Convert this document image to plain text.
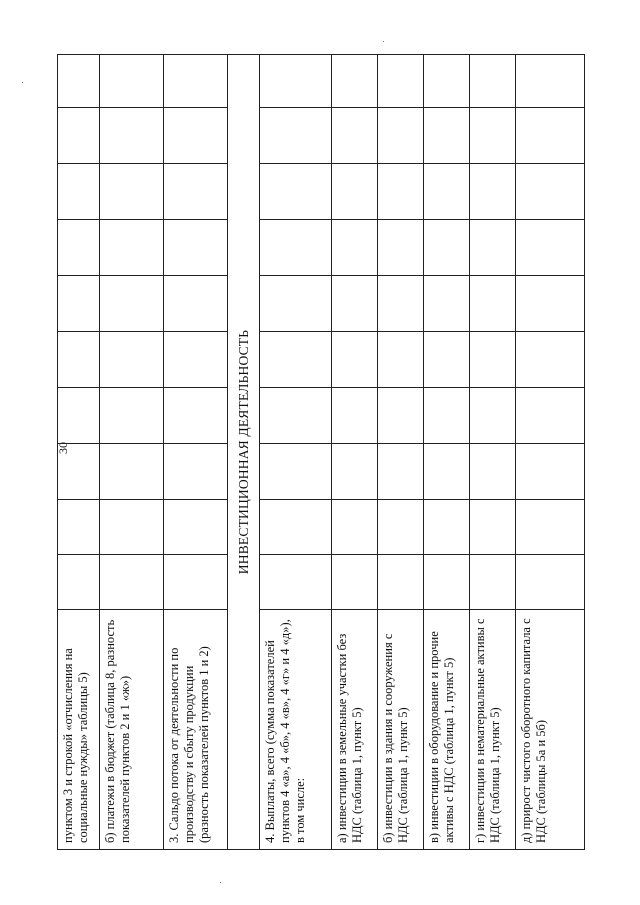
30
пунктом 3 и строкой «отчисления на социальные нужды» таблицы 5)										
б) платежи в бюджет (таблица 8, разность показателей пунктов 2 и 1 «ж»)										
3. Сальдо потока от деятельности по производству и сбыту продукции (разность показателей пунктов 1 и 2)										
ИНВЕСТИЦИОННАЯ ДЕЯТЕЛЬНОСТЬ										
4. Выплаты, всего (сумма показателей пунктов 4 «а», 4 «б», 4 «в», 4 «г» и 4 «д»), в том числе:										
а) инвестиции в земельные участки без НДС (таблица 1, пункт 5)										
б) инвестиции в здания и сооружения с НДС (таблица 1, пункт 5)										
в) инвестиции в оборудование и прочие активы с НДС (таблица 1, пункт 5)										
г) инвестиции в нематериальные активы с НДС (таблица 1, пункт 5)										
д) прирост чистого оборотного капитала с НДС (таблицы 5а и 5б)										
